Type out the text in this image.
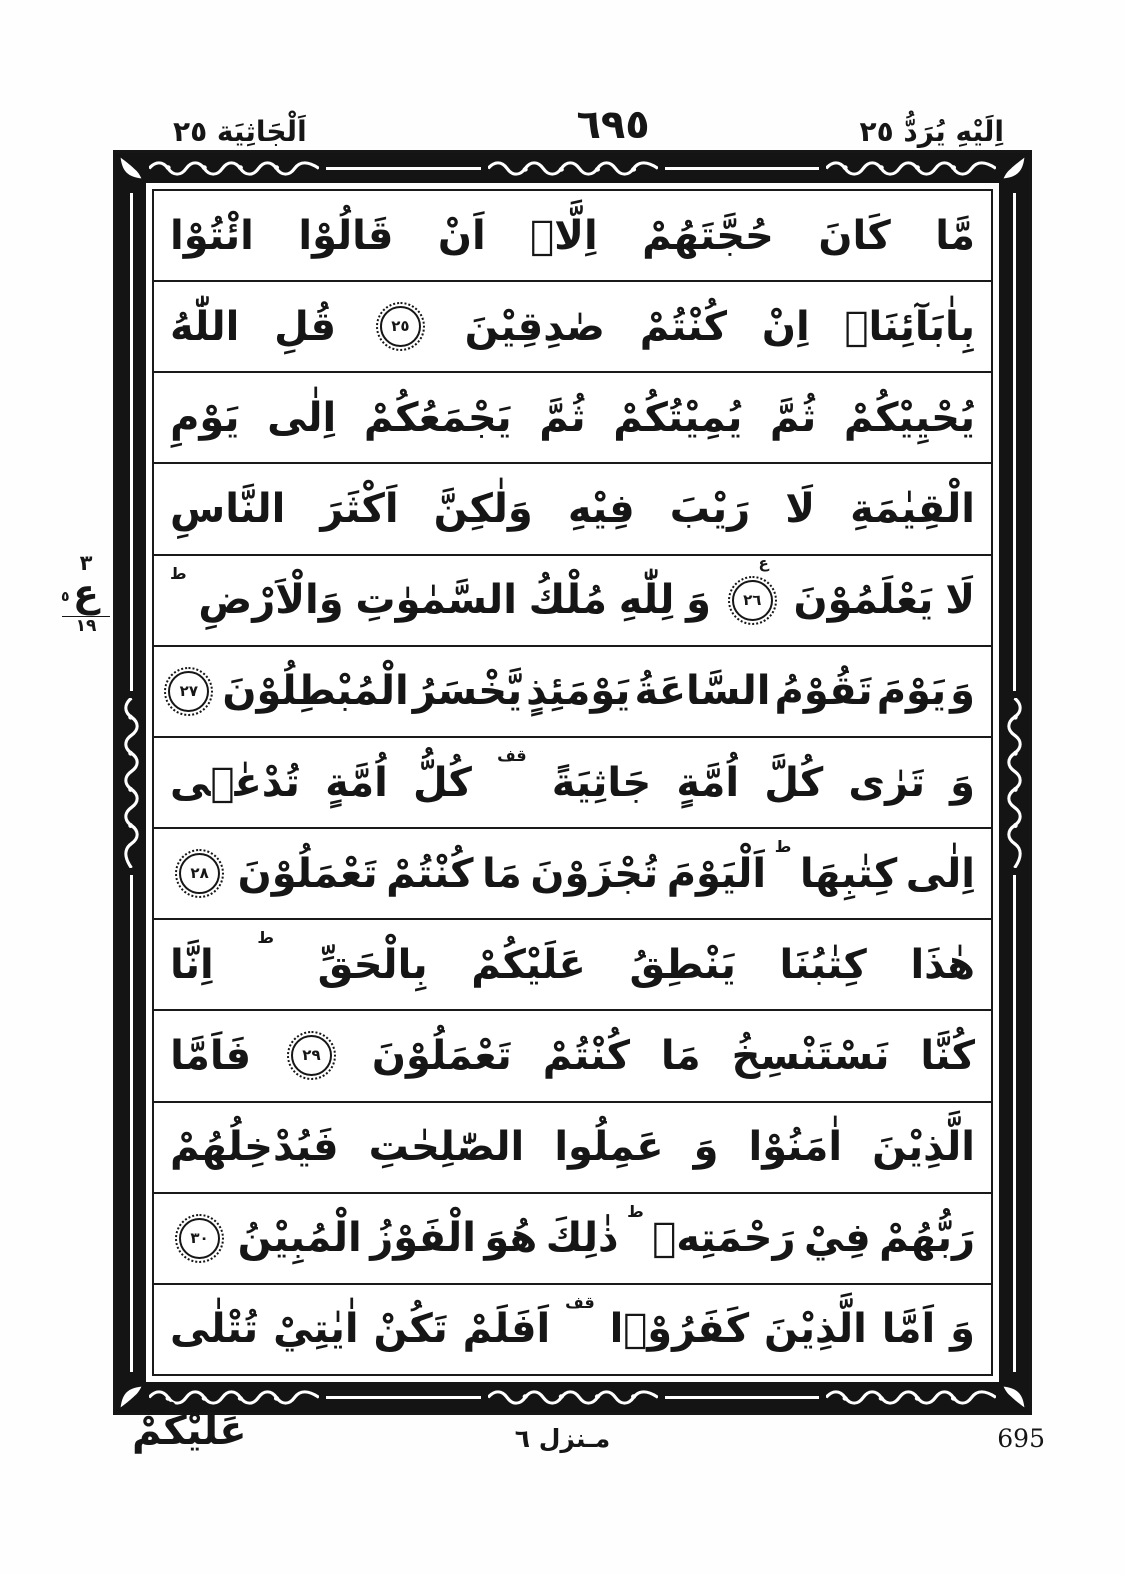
اِلَيْهِ يُرَدُّ ٢٥
٦٩٥
اَلْجَاثِيَة ٢٥
٣
ع
٥
١٩
مَّا
كَانَ
حُجَّتَهُمْ
اِلَّاۤ
اَنْ
قَالُوْا
ائْتُوْا
بِاٰبَآئِنَاۤ
اِنْ
كُنْتُمْ
صٰدِقِيْنَ
٢٥
قُلِ
اللّٰهُ
يُحْيِيْكُمْ
ثُمَّ
يُمِيْتُكُمْ
ثُمَّ
يَجْمَعُكُمْ
اِلٰى
يَوْمِ
الْقِيٰمَةِ
لَا
رَيْبَ
فِيْهِ
وَلٰكِنَّ
اَكْثَرَ
النَّاسِ
لَا
يَعْلَمُوْنَ
٢٦
ع
وَ
لِلّٰهِ
مُلْكُ
السَّمٰوٰتِ
وَالْاَرْضِ
ط
وَ
يَوْمَ
تَقُوْمُ
السَّاعَةُ
يَوْمَئِذٍ
يَّخْسَرُ
الْمُبْطِلُوْنَ
٢٧
وَ
تَرٰى
كُلَّ
اُمَّةٍ
جَاثِيَةً
قف
كُلُّ
اُمَّةٍ
تُدْعٰۤى
اِلٰى
كِتٰبِهَا
ط
اَلْيَوْمَ
تُجْزَوْنَ
مَا
كُنْتُمْ
تَعْمَلُوْنَ
٢٨
هٰذَا
كِتٰبُنَا
يَنْطِقُ
عَلَيْكُمْ
بِالْحَقِّ
ط
اِنَّا
كُنَّا
نَسْتَنْسِخُ
مَا
كُنْتُمْ
تَعْمَلُوْنَ
٢٩
فَاَمَّا
الَّذِيْنَ
اٰمَنُوْا
وَ
عَمِلُوا
الصّٰلِحٰتِ
فَيُدْخِلُهُمْ
رَبُّهُمْ
فِيْ
رَحْمَتِهٖ
ط
ذٰلِكَ
هُوَ
الْفَوْزُ
الْمُبِيْنُ
٣٠
وَ
اَمَّا
الَّذِيْنَ
كَفَرُوْۤا
قف
اَفَلَمْ
تَكُنْ
اٰيٰتِيْ
تُتْلٰى
عَلَيْكُمْ	مـنزل ٦	695
